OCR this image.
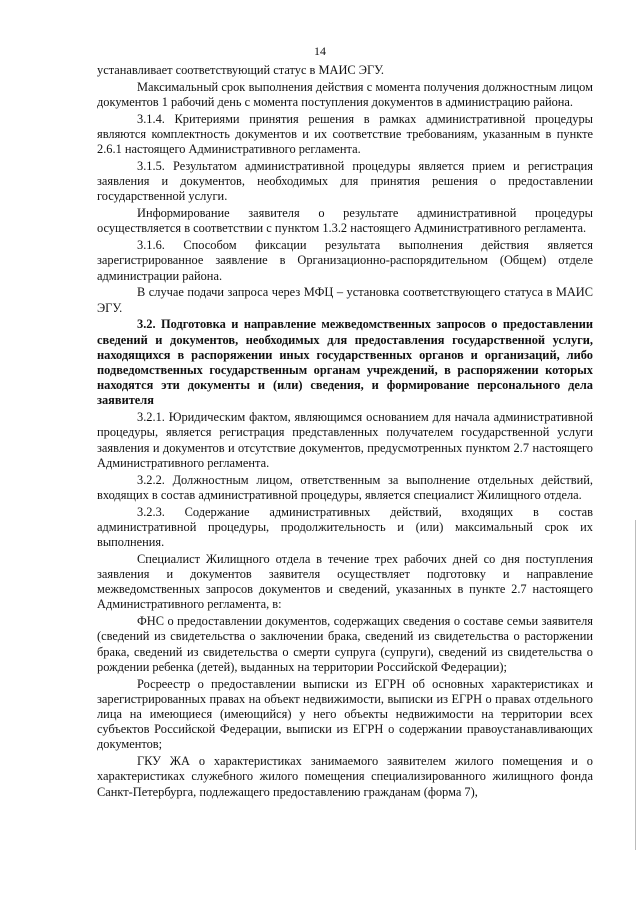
14

устанавливает соответствующий статус в МАИС ЭГУ.

Максимальный срок выполнения действия с момента получения должностным лицом документов 1 рабочий день с момента поступления документов в администрацию района.

3.1.4. Критериями принятия решения в рамках административной процедуры являются комплектность документов и их соответствие требованиям, указанным в пункте 2.6.1 настоящего Административного регламента.

3.1.5. Результатом административной процедуры является прием и регистрация заявления и документов, необходимых для принятия решения о предоставлении государственной услуги.

Информирование заявителя о результате административной процедуры осуществляется в соответствии с пунктом 1.3.2 настоящего Административного регламента.

3.1.6. Способом фиксации результата выполнения действия является зарегистрированное заявление в Организационно-распорядительном (Общем) отделе администрации района.

В случае подачи запроса через МФЦ – установка соответствующего статуса в МАИС ЭГУ.

3.2. Подготовка и направление межведомственных запросов о предоставлении сведений и документов, необходимых для предоставления государственной услуги, находящихся в распоряжении иных государственных органов и организаций, либо подведомственных государственным органам учреждений, в распоряжении которых находятся эти документы и (или) сведения, и формирование персонального дела заявителя

3.2.1. Юридическим фактом, являющимся основанием для начала административной процедуры, является регистрация представленных получателем государственной услуги заявления и документов и отсутствие документов, предусмотренных пунктом 2.7 настоящего Административного регламента.

3.2.2. Должностным лицом, ответственным за выполнение отдельных действий, входящих в состав административной процедуры, является специалист Жилищного отдела.

3.2.3. Содержание административных действий, входящих в состав административной процедуры, продолжительность и (или) максимальный срок их выполнения.

Специалист Жилищного отдела в течение трех рабочих дней со дня поступления заявления и документов заявителя осуществляет подготовку и направление межведомственных запросов документов и сведений, указанных в пункте 2.7 настоящего Административного регламента, в:

ФНС о предоставлении документов, содержащих сведения о составе семьи заявителя (сведений из свидетельства о заключении брака, сведений из свидетельства о расторжении брака, сведений из свидетельства о смерти супруга (супруги), сведений из свидетельства о рождении ребенка (детей), выданных на территории Российской Федерации);

Росреестр о предоставлении выписки из ЕГРН об основных характеристиках и зарегистрированных правах на объект недвижимости, выписки из ЕГРН о правах отдельного лица на имеющиеся (имеющийся) у него объекты недвижимости на территории всех субъектов Российской Федерации, выписки из ЕГРН о содержании правоустанавливающих документов;

ГКУ ЖА о характеристиках занимаемого заявителем жилого помещения и о характеристиках служебного жилого помещения специализированного жилищного фонда Санкт-Петербурга, подлежащего предоставлению гражданам (форма 7),
